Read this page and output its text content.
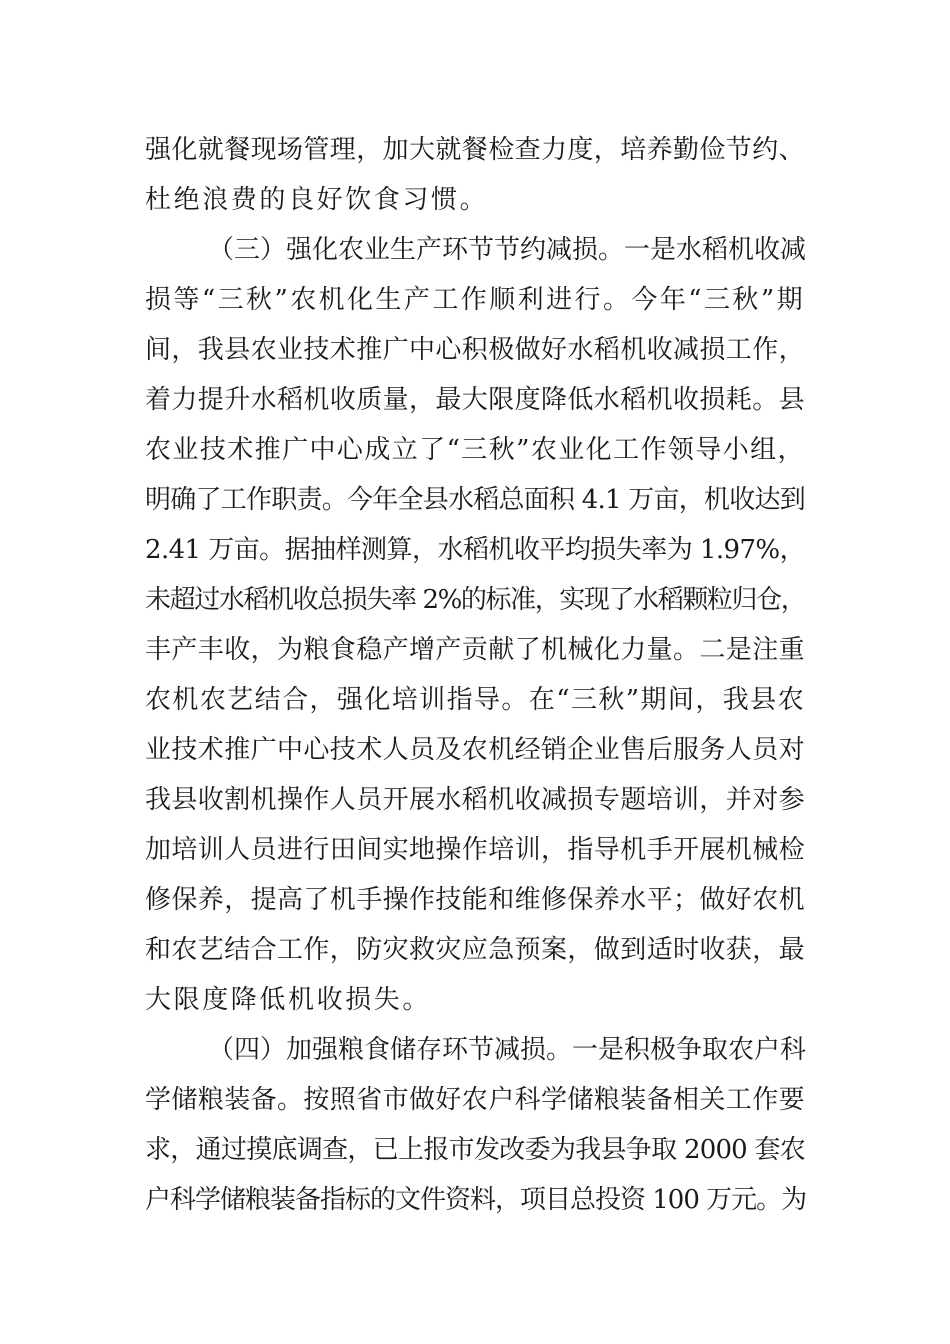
强化就餐现场管理，加大就餐检查力度，培养勤俭节约、
杜绝浪费的良好饮食习惯。
（三）强化农业生产环节节约减损。一是水稻机收减
损等“三秋”农机化生产工作顺利进行。今年“三秋”期
间，我县农业技术推广中心积极做好水稻机收减损工作，
着力提升水稻机收质量，最大限度降低水稻机收损耗。县
农业技术推广中心成立了“三秋”农业化工作领导小组，
明确了工作职责。今年全县水稻总面积 4.1 万亩，机收达到
2.41 万亩。据抽样测算，水稻机收平均损失率为 1.97%，
未超过水稻机收总损失率 2%的标准，实现了水稻颗粒归仓，
丰产丰收，为粮食稳产增产贡献了机械化力量。二是注重
农机农艺结合，强化培训指导。在“三秋”期间，我县农
业技术推广中心技术人员及农机经销企业售后服务人员对
我县收割机操作人员开展水稻机收减损专题培训，并对参
加培训人员进行田间实地操作培训，指导机手开展机械检
修保养，提高了机手操作技能和维修保养水平；做好农机
和农艺结合工作，防灾救灾应急预案，做到适时收获，最
大限度降低机收损失。
（四）加强粮食储存环节减损。一是积极争取农户科
学储粮装备。按照省市做好农户科学储粮装备相关工作要
求，通过摸底调查，已上报市发改委为我县争取 2000 套农
户科学储粮装备指标的文件资料，项目总投资 100 万元。为
